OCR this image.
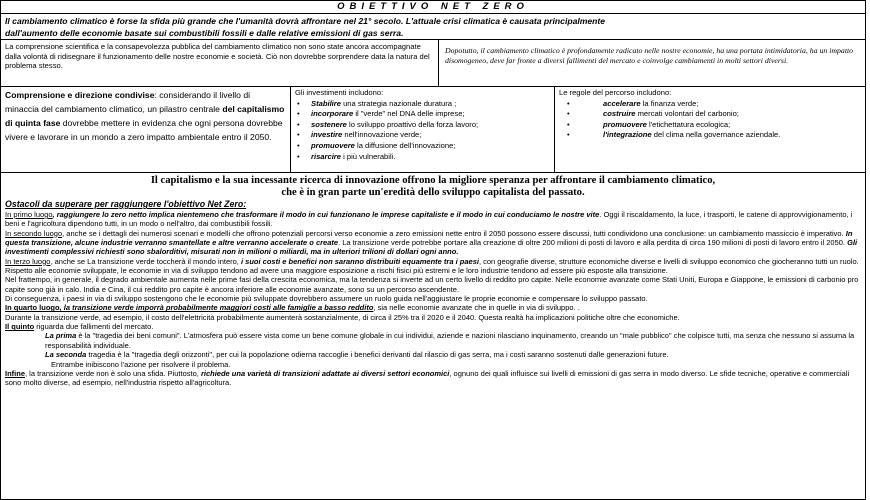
OBIETTIVO NET ZERO
Il cambiamento climatico è forse la sfida più grande che l'umanità dovrà affrontare nel 21° secolo. L'attuale crisi climatica è causata principalmente
dall'aumento delle economie basate sui combustibili fossili e dalle relative emissioni di gas serra.
La comprensione scientifica e la consapevolezza pubblica del cambiamento climatico non sono state ancora accompagnate dalla volontà di ridisegnare il funzionamento delle nostre economie e società. Ciò non dovrebbe sorprendere data la natura del problema stesso.
Dopotutto, il cambiamento climatico è profondamente radicato nelle nostre economie, ha una portata intimidatoria, ha un impatto disomogeneo, deve far fronte a diversi fallimenti del mercato e coinvolge cambiamenti in molti settori diversi.

Comprensione e direzione condivise: considerando il livello di minaccia del cambiamento climatico, un pilastro centrale del capitalismo di quinta fase dovrebbe mettere in evidenza che ogni persona dovrebbe vivere e lavorare in un mondo a zero impatto ambientale entro il 2050.

Gli investimenti includono:
• Stabilire una strategia nazionale duratura ;
• incorporare il "verde" nel DNA delle imprese;
• sostenere lo sviluppo proattivo della forza lavoro;
• investire nell'innovazione verde;
• promuovere la diffusione dell'innovazione;
• risarcire i più vulnerabili.
Le regole del percorso includono:
• accelerare la finanza verde;
• costruire mercati volontari del carbonio;
• promuovere l'etichettatura ecologica;
• l'integrazione del clima nella governance aziendale.
Il capitalismo e la sua incessante ricerca di innovazione offrono la migliore speranza per affrontare il cambiamento climatico,
che è in gran parte un'eredità dello sviluppo capitalista del passato.
Ostacoli da superare per raggiungere l'obiettivo Net Zero:

In primo luogo, raggiungere lo zero netto implica nientemeno che trasformare il modo in cui funzionano le imprese capitaliste e il modo in cui conduciamo le nostre vite. Oggi il riscaldamento, la luce, i trasporti, le catene di approvvigionamento, i beni e l'agricoltura dipendono tutti, in un modo o nell'altro, dai combustibili fossili.

In secondo luogo, anche se i dettagli dei numerosi scenari e modelli che offrono potenziali percorsi verso economie a zero emissioni nette entro il 2050 possono essere discussi, tutti condividono una conclusione: un cambiamento massiccio è imperativo. In questa transizione, alcune industrie verranno smantellate e altre verranno accelerate o create. La transizione verde potrebbe portare alla creazione di oltre 200 milioni di posti di lavoro e alla perdita di circa 190 milioni di posti di lavoro entro il 2050. Gli investimenti complessivi richiesti sono sbalorditivi, misurati non in milioni o miliardi, ma in ulteriori trilioni di dollari ogni anno.

In terzo luogo, anche se La transizione verde toccherà il mondo intero, i suoi costi e benefici non saranno distribuiti equamente tra i paesi, con geografie diverse, strutture economiche diverse e livelli di sviluppo economico che giocheranno tutti un ruolo.

Rispetto alle economie sviluppate, le economie in via di sviluppo tendono ad avere una maggiore esposizione a rischi fisici più estremi e le loro industrie tendono ad essere più esposte alla transizione.

Nel frattempo, in generale, il degrado ambientale aumenta nelle prime fasi della crescita economica, ma la tendenza si inverte ad un certo livello di reddito pro capite. Nelle economie avanzate come Stati Uniti, Europa e Giappone, le emissioni di carbonio pro capite sono già in calo. India e Cina, il cui reddito pro capite è ancora inferiore alle economie avanzate, sono su un percorso ascendente.

Di conseguenza, i paesi in via di sviluppo sostengono che le economie più sviluppate dovrebbero assumere un ruolo guida nell'aggiustare le proprie economie e compensare lo sviluppo passato.

In quarto luogo, la transizione verde imporrà probabilmente maggiori costi alle famiglie a basso reddito, sia nelle economie avanzate che in quelle in via di sviluppo. .

Durante la transizione verde, ad esempio, il costo dell'elettricità probabilmente aumenterà sostanzialmente, di circa il 25% tra il 2020 e il 2040. Questa realtà ha implicazioni politiche oltre che economiche.

Il quinto riguarda due fallimenti del mercato.

La prima è la "tragedia dei beni comuni". L'atmosfera può essere vista come un bene comune globale in cui individui, aziende e nazioni rilasciano inquinamento, creando un "male pubblico" che colpisce tutti, ma senza che nessuno si assuma la responsabilità individuale.

La seconda tragedia è la "tragedia degli orizzonti", per cui la popolazione odierna raccoglie i benefici derivanti dal rilascio di gas serra, ma i costi saranno sostenuti dalle generazioni future.

Entrambe inibiscono l'azione per risolvere il problema.

Infine, la transizione verde non è solo una sfida. Piuttosto, richiede una varietà di transizioni adattate ai diversi settori economici, ognuno dei quali influisce sui livelli di emissioni di gas serra in modo diverso. Le sfide tecniche, operative e commerciali sono molto diverse, ad esempio, nell'industria rispetto all'agricoltura.
